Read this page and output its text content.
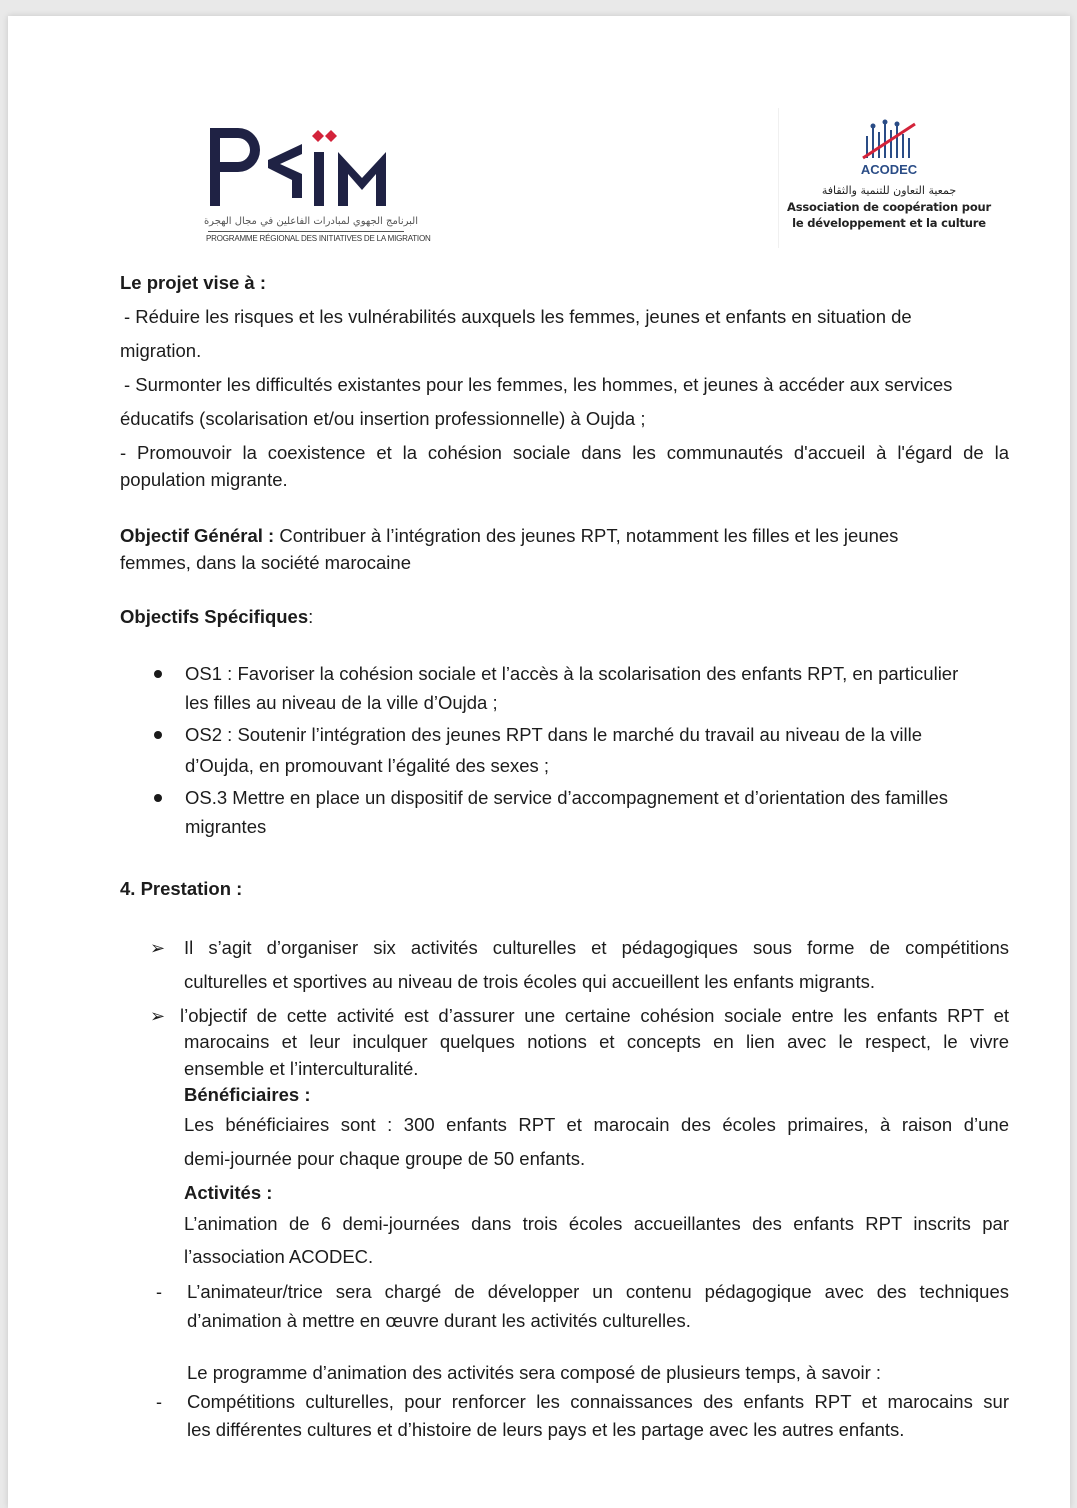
البرنامج الجهوي لمبادرات الفاعلين في مجال الهجرة
PROGRAMME RÉGIONAL DES INITIATIVES DE LA MIGRATION
ACODEC
جمعية التعاون للتنمية والثقافة
Association de coopération pour
le développement et la culture
Le projet vise à :
- Réduire les risques et les vulnérabilités auxquels les femmes, jeunes et enfants en situation de
migration.
- Surmonter les difficultés existantes pour les femmes, les hommes, et jeunes à accéder aux services
éducatifs (scolarisation et/ou insertion professionnelle) à Oujda ;
- Promouvoir la coexistence et la cohésion sociale dans les communautés d'accueil à l'égard de la
population migrante.
Objectif Général : Contribuer à l’intégration des jeunes RPT, notamment les filles et les jeunes
femmes, dans la société marocaine
Objectifs Spécifiques:
OS1 : Favoriser la cohésion sociale et l’accès à la scolarisation des enfants RPT, en particulier
les filles au niveau de la ville d’Oujda ;
OS2 : Soutenir l’intégration des jeunes RPT dans le marché du travail au niveau de la ville
d’Oujda, en promouvant l’égalité des sexes ;
OS.3 Mettre en place un dispositif de service d’accompagnement et d’orientation des familles
migrantes
4. Prestation :
➢ Il s’agit d’organiser six activités culturelles et pédagogiques sous forme de compétitions
culturelles et sportives au niveau de trois écoles qui accueillent les enfants migrants.
➢ l’objectif de cette activité est d’assurer une certaine cohésion sociale entre les enfants RPT et
marocains et leur inculquer quelques notions et concepts en lien avec le respect, le vivre
ensemble et l’interculturalité.
Bénéficiaires :
Les bénéficiaires sont : 300 enfants RPT et marocain des écoles primaires, à raison d’une
demi-journée pour chaque groupe de 50 enfants.
Activités :
L’animation de 6 demi-journées dans trois écoles accueillantes des enfants RPT inscrits par
l’association ACODEC.
- L’animateur/trice sera chargé de développer un contenu pédagogique avec des techniques
d’animation à mettre en œuvre durant les activités culturelles.
Le programme d’animation des activités sera composé de plusieurs temps, à savoir :
- Compétitions culturelles, pour renforcer les connaissances des enfants RPT et marocains sur
les différentes cultures et d’histoire de leurs pays et les partage avec les autres enfants.
